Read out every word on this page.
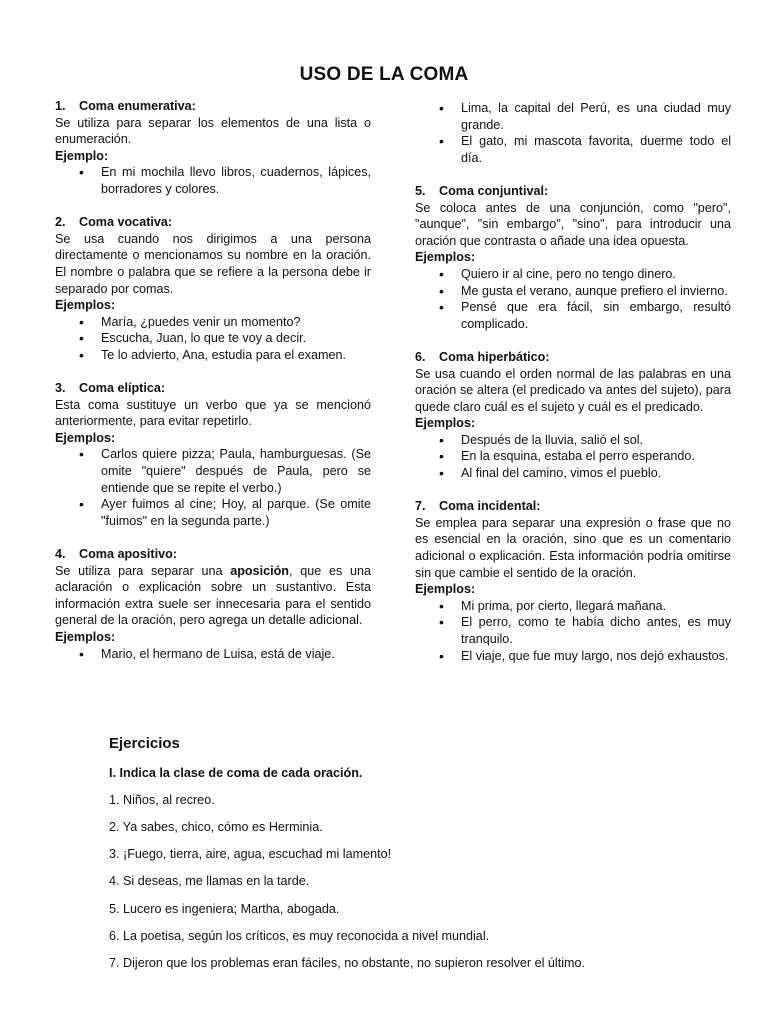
USO DE LA COMA
1. Coma enumerativa:
Se utiliza para separar los elementos de una lista o enumeración.
Ejemplo:
• En mi mochila llevo libros, cuadernos, lápices, borradores y colores.
2. Coma vocativa:
Se usa cuando nos dirigimos a una persona directamente o mencionamos su nombre en la oración. El nombre o palabra que se refiere a la persona debe ir separado por comas.
Ejemplos:
• María, ¿puedes venir un momento?
• Escucha, Juan, lo que te voy a decir.
• Te lo advierto, Ana, estudia para el examen.
3. Coma elíptica:
Esta coma sustituye un verbo que ya se mencionó anteriormente, para evitar repetirlo.
Ejemplos:
• Carlos quiere pizza; Paula, hamburguesas. (Se omite "quiere" después de Paula, pero se entiende que se repite el verbo.)
• Ayer fuimos al cine; Hoy, al parque. (Se omite "fuimos" en la segunda parte.)
4. Coma apositivo:
Se utiliza para separar una aposición, que es una aclaración o explicación sobre un sustantivo. Esta información extra suele ser innecesaria para el sentido general de la oración, pero agrega un detalle adicional.
Ejemplos:
• Mario, el hermano de Luisa, está de viaje.
• Lima, la capital del Perú, es una ciudad muy grande.
• El gato, mi mascota favorita, duerme todo el día.
5. Coma conjuntival:
Se coloca antes de una conjunción, como "pero", "aunque", "sin embargo", "sino", para introducir una oración que contrasta o añade una idea opuesta.
Ejemplos:
• Quiero ir al cine, pero no tengo dinero.
• Me gusta el verano, aunque prefiero el invierno.
• Pensé que era fácil, sin embargo, resultó complicado.
6. Coma hiperbático:
Se usa cuando el orden normal de las palabras en una oración se altera (el predicado va antes del sujeto), para quede claro cuál es el sujeto y cuál es el predicado.
Ejemplos:
• Después de la lluvia, salió el sol.
• En la esquina, estaba el perro esperando.
• Al final del camino, vimos el pueblo.
7. Coma incidental:
Se emplea para separar una expresión o frase que no es esencial en la oración, sino que es un comentario adicional o explicación. Esta información podría omitirse sin que cambie el sentido de la oración.
Ejemplos:
• Mi prima, por cierto, llegará mañana.
• El perro, como te había dicho antes, es muy tranquilo.
• El viaje, que fue muy largo, nos dejó exhaustos.
Ejercicios
I. Indica la clase de coma de cada oración.
1. Niños, al recreo.
2. Ya sabes, chico, cómo es Herminia.
3. ¡Fuego, tierra, aire, agua, escuchad mi lamento!
4. Si deseas, me llamas en la tarde.
5. Lucero es ingeniera; Martha, abogada.
6. La poetisa, según los críticos, es muy reconocida a nivel mundial.
7. Dijeron que los problemas eran fáciles, no obstante, no supieron resolver el último.
